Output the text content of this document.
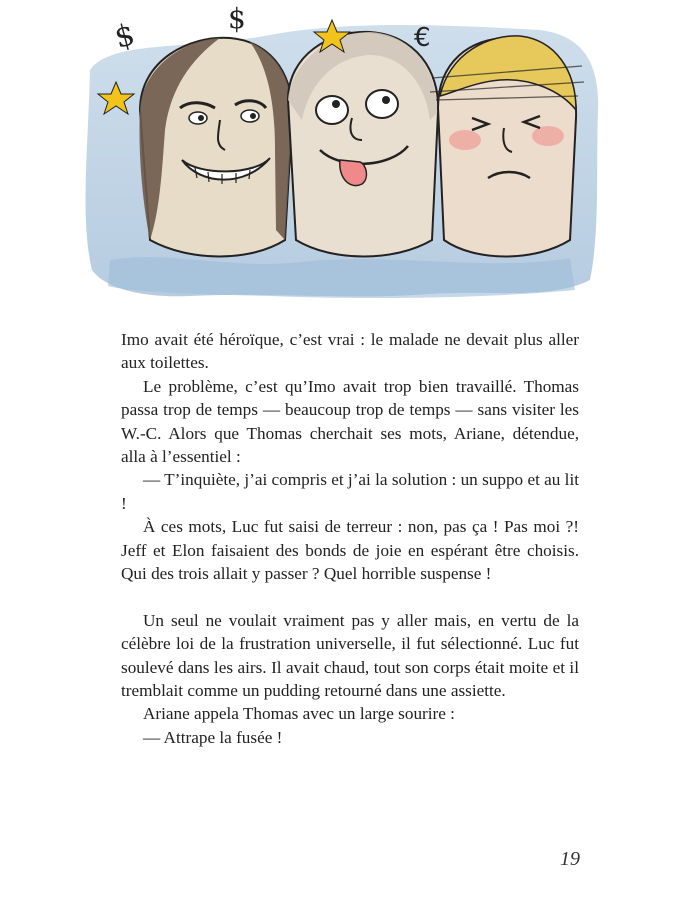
$	$
€

Imo avait été héroïque, c’est vrai : le malade ne devait plus aller aux toilettes.

Le problème, c’est qu’Imo avait trop bien travaillé. Thomas passa trop de temps — beaucoup trop de temps — sans visiter les W.-C. Alors que Thomas cherchait ses mots, Ariane, détendue, alla à l’essentiel :

— T’inquiète, j’ai compris et j’ai la solution : un suppo et au lit !

À ces mots, Luc fut saisi de terreur : non, pas ça ! Pas moi ?! Jeff et Elon faisaient des bonds de joie en espérant être choisis. Qui des trois allait y passer ? Quel horrible suspense !

Un seul ne voulait vraiment pas y aller mais, en vertu de la célèbre loi de la frustration universelle, il fut sélectionné. Luc fut soulevé dans les airs. Il avait chaud, tout son corps était moite et il tremblait comme un pudding retourné dans une assiette.

Ariane appela Thomas avec un large sourire :

— Attrape la fusée !

19
